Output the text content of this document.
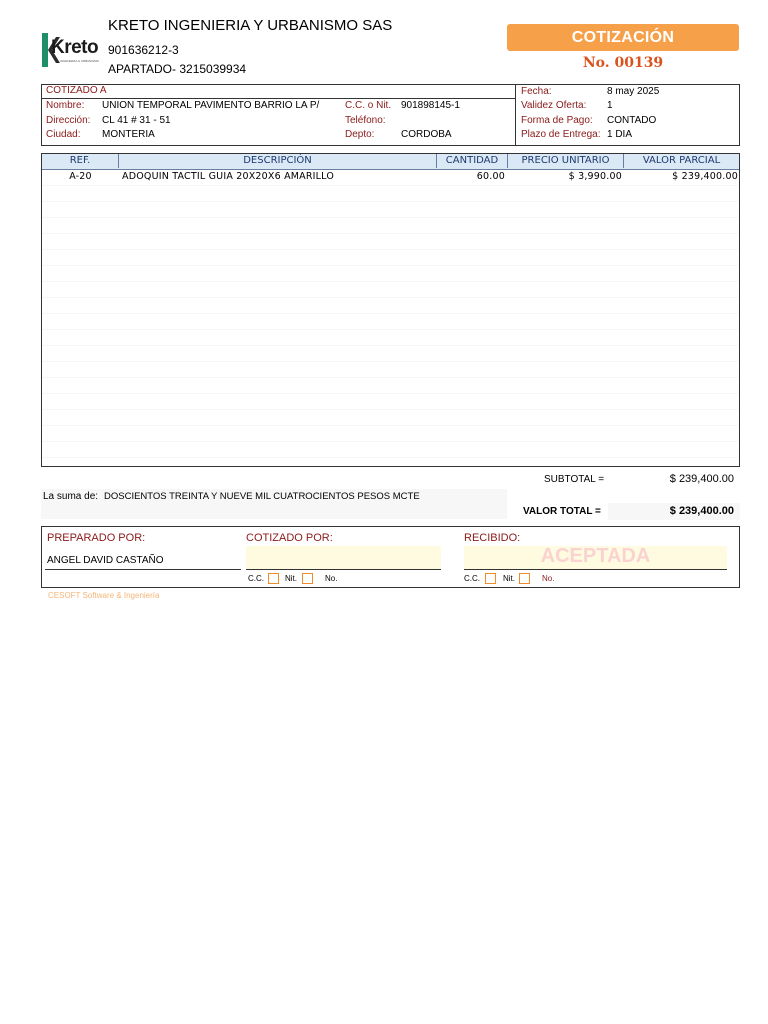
Kreto
INGENIERIA & URBANISMO
KRETO INGENIERIA Y URBANISMO SAS
901636212-3
APARTADO- 3215039934
COTIZACIÓN
No. 00139
COTIZADO A
Nombre: UNION TEMPORAL PAVIMENTO BARRIO LA P/	C.C. o Nit. 901898145-1
Dirección: CL 41 # 31 - 51	Teléfono:
Ciudad: MONTERIA	Depto:	CORDOBA
Fecha:	8 may 2025
Validez Oferta: 1
Forma de Pago: CONTADO
Plazo de Entrega: 1 DIA
REF.	DESCRIPCIÓN	CANTIDAD	PRECIO UNITARIO	VALOR PARCIAL
A-20	ADOQUIN TACTIL GUIA 20X20X6 AMARILLO	60.00	$ 3,990.00	$ 239,400.00
SUBTOTAL =	$ 239,400.00
La suma de: DOSCIENTOS TREINTA Y NUEVE MIL CUATROCIENTOS PESOS MCTE
VALOR TOTAL =	$ 239,400.00
PREPARADO POR:
ANGEL DAVID CASTAÑO
COTIZADO POR:
C.C.	Nit.	No.
RECIBIDO:
ACEPTADA
C.C.	Nit.	No.
CESOFT Software & Ingeniería
